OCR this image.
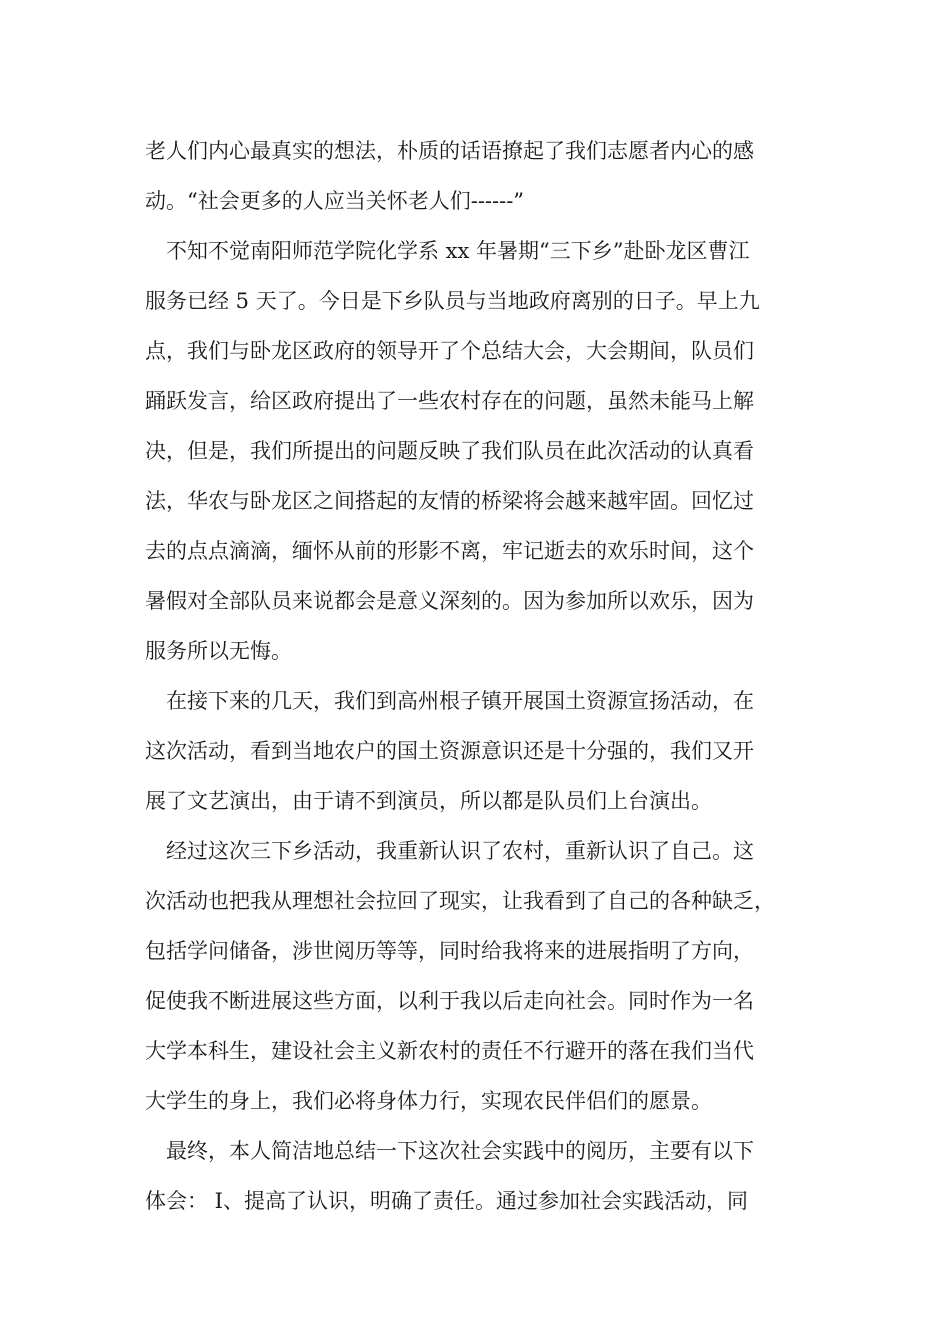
老人们内心最真实的想法，朴质的话语撩起了我们志愿者内心的感
动。“社会更多的人应当关怀老人们------”
不知不觉南阳师范学院化学系 xx 年暑期“三下乡”赴卧龙区曹江
服务已经 5 天了。今日是下乡队员与当地政府离别的日子。早上九
点，我们与卧龙区政府的领导开了个总结大会，大会期间，队员们
踊跃发言，给区政府提出了一些农村存在的问题，虽然未能马上解
决，但是，我们所提出的问题反映了我们队员在此次活动的认真看
法，华农与卧龙区之间搭起的友情的桥梁将会越来越牢固。回忆过
去的点点滴滴，缅怀从前的形影不离，牢记逝去的欢乐时间，这个
暑假对全部队员来说都会是意义深刻的。因为参加所以欢乐，因为
服务所以无悔。
在接下来的几天，我们到高州根子镇开展国土资源宣扬活动，在
这次活动，看到当地农户的国土资源意识还是十分强的，我们又开
展了文艺演出，由于请不到演员，所以都是队员们上台演出。
经过这次三下乡活动，我重新认识了农村，重新认识了自己。这
次活动也把我从理想社会拉回了现实，让我看到了自己的各种缺乏，
包括学问储备，涉世阅历等等，同时给我将来的进展指明了方向，
促使我不断进展这些方面，以利于我以后走向社会。同时作为一名
大学本科生，建设社会主义新农村的责任不行避开的落在我们当代
大学生的身上，我们必将身体力行，实现农民伴侣们的愿景。
最终，本人简洁地总结一下这次社会实践中的阅历，主要有以下
体会： I、提高了认识，明确了责任。通过参加社会实践活动，同
